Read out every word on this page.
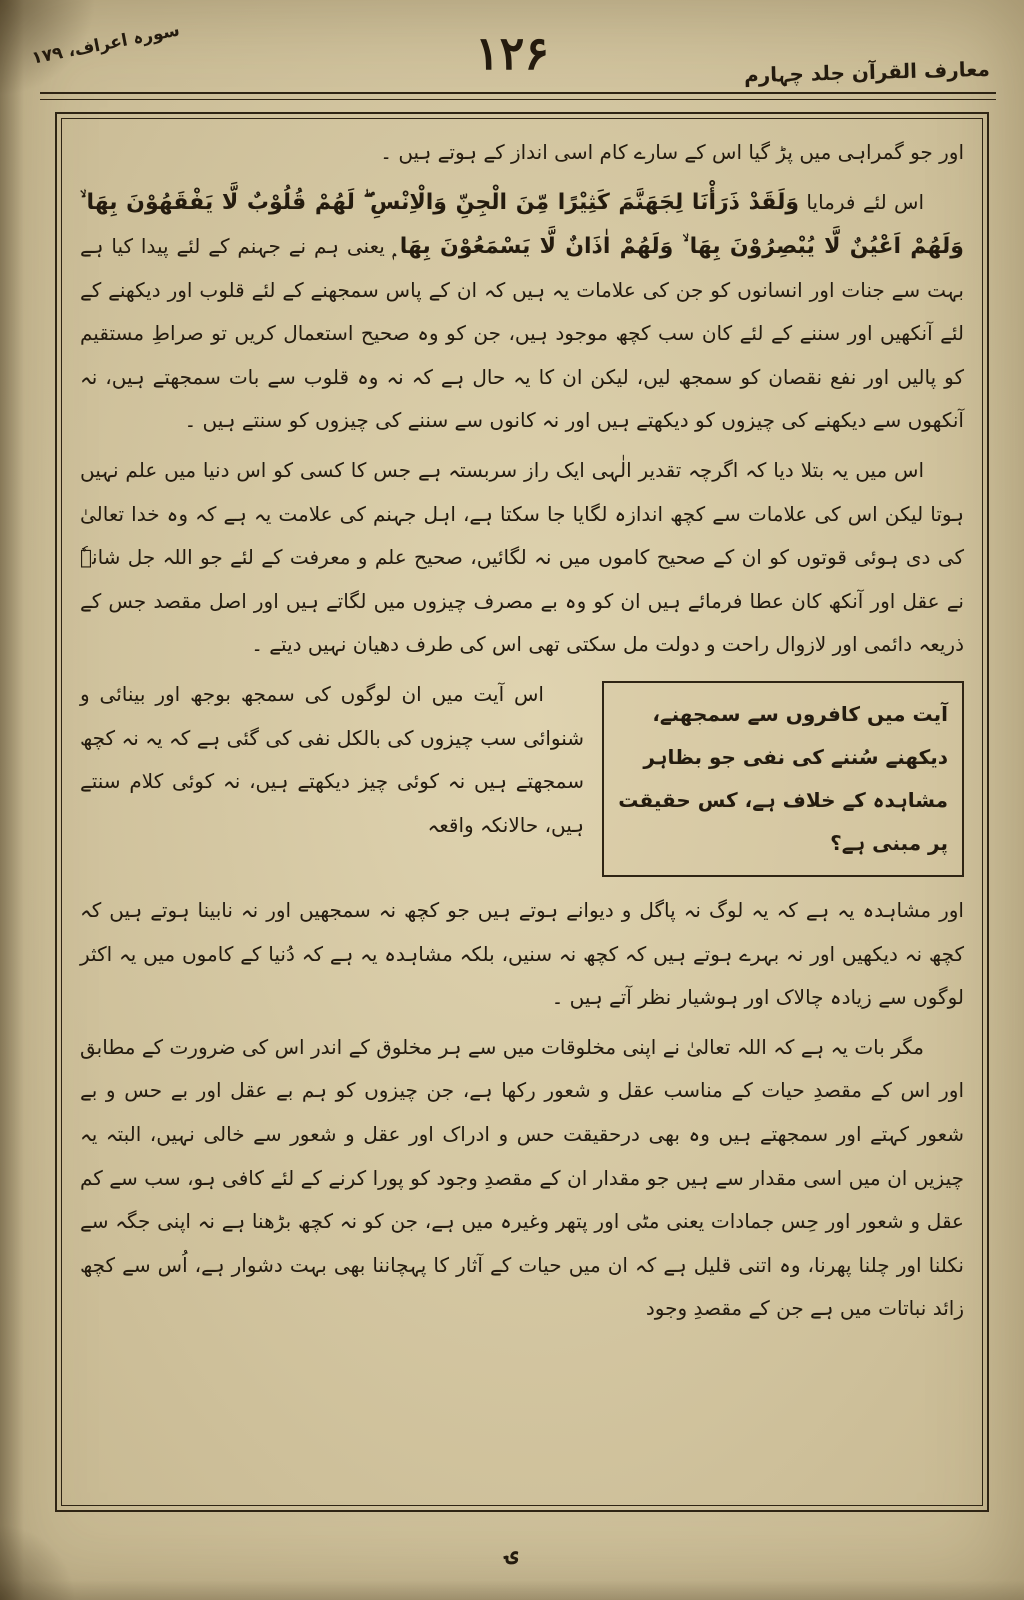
۱۲۶	معارف القرآن جلد چہارم
سورہ اعراف، ۱۷۹

اور جو گمراہی میں پڑ گیا اس کے سارے کام اسی انداز کے ہوتے ہیں ۔

اس لئے فرمایا وَلَقَدْ ذَرَأْنَا لِجَهَنَّمَ كَثِيْرًا مِّنَ الْجِنِّ وَالْاِنْسِ ۖ لَهُمْ قُلُوْبٌ لَّا يَفْقَهُوْنَ بِهَا ۙ وَلَهُمْ اَعْيُنٌ لَّا يُبْصِرُوْنَ بِهَا ۙ وَلَهُمْ اٰذَانٌ لَّا يَسْمَعُوْنَ بِهَا ۭ یعنی ہم نے جہنم کے لئے پیدا کیا ہے بہت سے جنات اور انسانوں کو جن کی علامات یہ ہیں کہ ان کے پاس سمجھنے کے لئے قلوب اور دیکھنے کے لئے آنکھیں اور سننے کے لئے کان سب کچھ موجود ہیں، جن کو وہ صحیح استعمال کریں تو صراطِ مستقیم کو پالیں اور نفع نقصان کو سمجھ لیں، لیکن ان کا یہ حال ہے کہ نہ وہ قلوب سے بات سمجھتے ہیں، نہ آنکھوں سے دیکھنے کی چیزوں کو دیکھتے ہیں اور نہ کانوں سے سننے کی چیزوں کو سنتے ہیں ۔

اس میں یہ بتلا دیا کہ اگرچہ تقدیر الٰہی ایک راز سربستہ ہے جس کا کسی کو اس دنیا میں علم نہیں ہوتا لیکن اس کی علامات سے کچھ اندازہ لگایا جا سکتا ہے، اہل جہنم کی علامت یہ ہے کہ وہ خدا تعالیٰ کی دی ہوئی قوتوں کو ان کے صحیح کاموں میں نہ لگائیں، صحیح علم و معرفت کے لئے جو اللہ جل شانہٗ نے عقل اور آنکھ کان عطا فرمائے ہیں ان کو وہ بے مصرف چیزوں میں لگاتے ہیں اور اصل مقصد جس کے ذریعہ دائمی اور لازوال راحت و دولت مل سکتی تھی اس کی طرف دھیان نہیں دیتے ۔

آیت میں کافروں سے سمجھنے، دیکھنے سُننے کی نفی جو بظاہر مشاہدہ کے خلاف ہے، کس حقیقت پر مبنی ہے؟

اس آیت میں ان لوگوں کی سمجھ بوجھ اور بینائی و شنوائی سب چیزوں کی بالکل نفی کی گئی ہے کہ یہ نہ کچھ سمجھتے ہیں نہ کوئی چیز دیکھتے ہیں، نہ کوئی کلام سنتے ہیں، حالانکہ واقعہ

اور مشاہدہ یہ ہے کہ یہ لوگ نہ پاگل و دیوانے ہوتے ہیں جو کچھ نہ سمجھیں اور نہ نابینا ہوتے ہیں کہ کچھ نہ دیکھیں اور نہ بہرے ہوتے ہیں کہ کچھ نہ سنیں، بلکہ مشاہدہ یہ ہے کہ دُنیا کے کاموں میں یہ اکثر لوگوں سے زیادہ چالاک اور ہوشیار نظر آتے ہیں ۔

مگر بات یہ ہے کہ اللہ تعالیٰ نے اپنی مخلوقات میں سے ہر مخلوق کے اندر اس کی ضرورت کے مطابق اور اس کے مقصدِ حیات کے مناسب عقل و شعور رکھا ہے، جن چیزوں کو ہم بے عقل اور بے حس و بے شعور کہتے اور سمجھتے ہیں وہ بھی درحقیقت حس و ادراک اور عقل و شعور سے خالی نہیں، البتہ یہ چیزیں ان میں اسی مقدار سے ہیں جو مقدار ان کے مقصدِ وجود کو پورا کرنے کے لئے کافی ہو، سب سے کم عقل و شعور اور حِس جمادات یعنی مٹی اور پتھر وغیرہ میں ہے، جن کو نہ کچھ بڑھنا ہے نہ اپنی جگہ سے نکلنا اور چلنا پھرنا، وہ اتنی قلیل ہے کہ ان میں حیات کے آثار کا پہچاننا بھی بہت دشوار ہے، اُس سے کچھ زائد نباتات میں ہے جن کے مقصدِ وجود

ۍ
